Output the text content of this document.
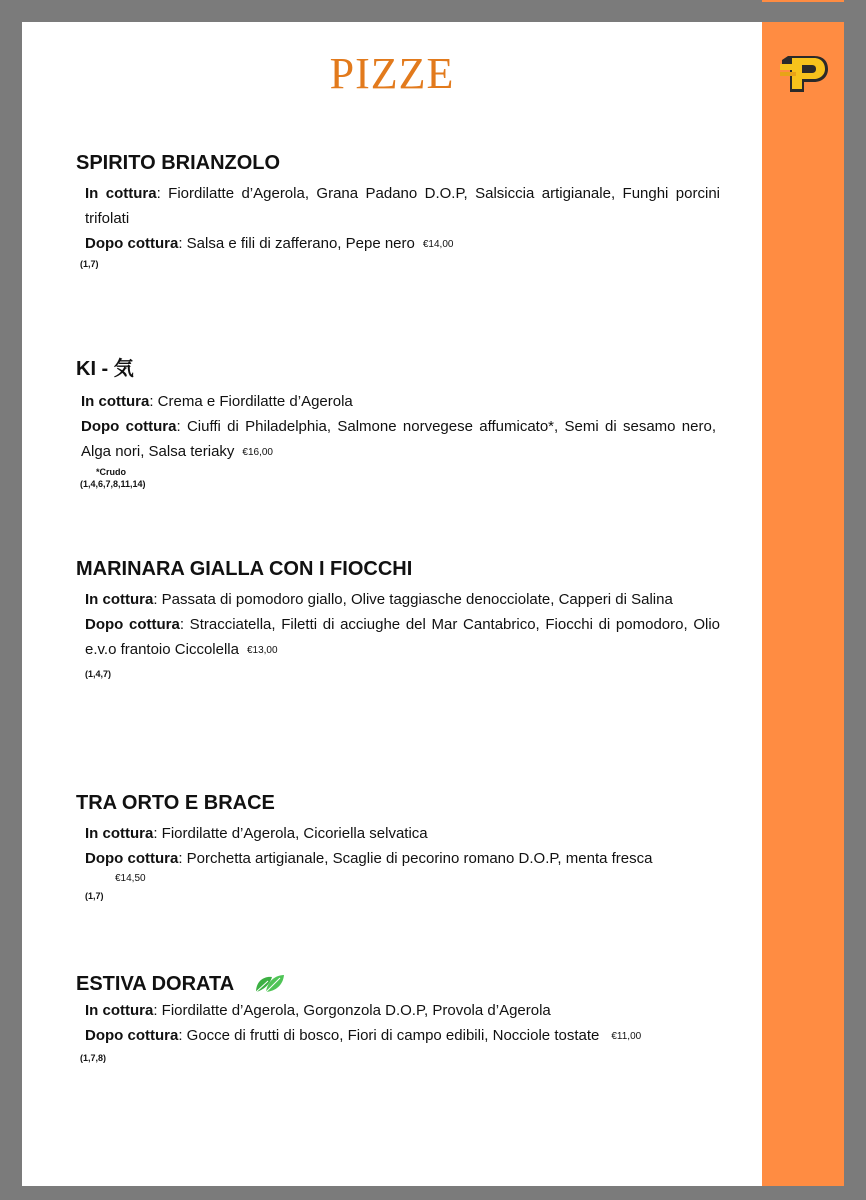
PIZZE
SPIRITO BRIANZOLO
In cottura: Fiordilatte d’Agerola, Grana Padano D.O.P, Salsiccia artigianale, Funghi porcini trifolati
Dopo cottura: Salsa e fili di zafferano, Pepe nero €14,00
(1,7)
KI - 気
In cottura: Crema e Fiordilatte d’Agerola
Dopo cottura: Ciuffi di Philadelphia, Salmone norvegese affumicato*, Semi di sesamo nero, Alga nori, Salsa teriaky €16,00
*Crudo
(1,4,6,7,8,11,14)
MARINARA GIALLA CON I FIOCCHI
In cottura: Passata di pomodoro giallo, Olive taggiasche denocciolate, Capperi di Salina
Dopo cottura: Stracciatella, Filetti di acciughe del Mar Cantabrico, Fiocchi di pomodoro, Olio e.v.o frantoio Ciccolella €13,00
(1,4,7)
TRA ORTO E BRACE
In cottura: Fiordilatte d’Agerola, Cicoriella selvatica
Dopo cottura: Porchetta artigianale, Scaglie di pecorino romano D.O.P, menta fresca
€14,50
(1,7)
ESTIVA DORATA
In cottura: Fiordilatte d’Agerola, Gorgonzola D.O.P, Provola d’Agerola
Dopo cottura: Gocce di frutti di bosco, Fiori di campo edibili, Nocciole tostate €11,00
(1,7,8)
